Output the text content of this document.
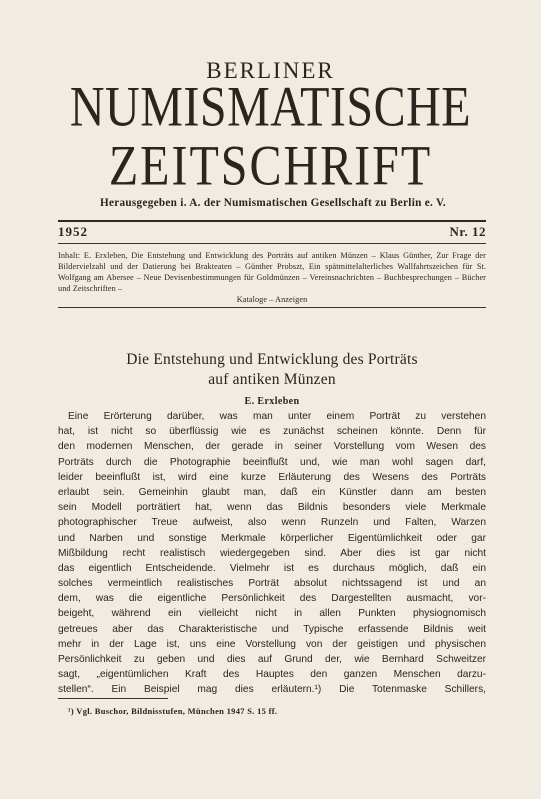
BERLINER
NUMISMATISCHE
ZEITSCHRIFT
Herausgegeben i. A. der Numismatischen Gesellschaft zu Berlin e. V.
1952	Nr. 12
Inhalt: E. Erxleben, Die Entstehung und Entwicklung des Porträts auf antiken Münzen – Klaus Günther, Zur Frage der Bildervielzahl und der Datierung bei Brakteaten – Günther Probszt, Ein spätmittelalterliches Wallfahrtszeichen für St. Wolfgang am Abersee – Neue Devisenbestimmungen für Goldmünzen – Vereinsnachrichten – Buchbesprechungen – Bücher und Zeitschriften –
Kataloge – Anzeigen
Die Entstehung und Entwicklung des Porträts
auf antiken Münzen
E. Erxleben
Eine Erörterung darüber, was man unter einem Porträt zu verstehen
hat, ist nicht so überflüssig wie es zunächst scheinen könnte. Denn für
den modernen Menschen, der gerade in seiner Vorstellung vom Wesen des
Porträts durch die Photographie beeinflußt und, wie man wohl sagen darf,
leider beeinflußt ist, wird eine kurze Erläuterung des Wesens des Porträts
erlaubt sein. Gemeinhin glaubt man, daß ein Künstler dann am besten
sein Modell porträtiert hat, wenn das Bildnis besonders viele Merkmale
photographischer Treue aufweist, also wenn Runzeln und Falten, Warzen
und Narben und sonstige Merkmale körperlicher Eigentümlichkeit oder gar
Mißbildung recht realistisch wiedergegeben sind. Aber dies ist gar nicht
das eigentlich Entscheidende. Vielmehr ist es durchaus möglich, daß ein
solches vermeintlich realistisches Porträt absolut nichtssagend ist und an
dem, was die eigentliche Persönlichkeit des Dargestellten ausmacht, vor-
beigeht, während ein vielleicht nicht in allen Punkten physiognomisch
getreues aber das Charakteristische und Typische erfassende Bildnis weit
mehr in der Lage ist, uns eine Vorstellung von der geistigen und physischen
Persönlichkeit zu geben und dies auf Grund der, wie Bernhard Schweitzer
sagt, „eigentümlichen Kraft des Hauptes den ganzen Menschen darzu-
stellen“. Ein Beispiel mag dies erläutern.¹) Die Totenmaske Schillers,
¹) Vgl. Buschor, Bildnisstufen, München 1947 S. 15 ff.
